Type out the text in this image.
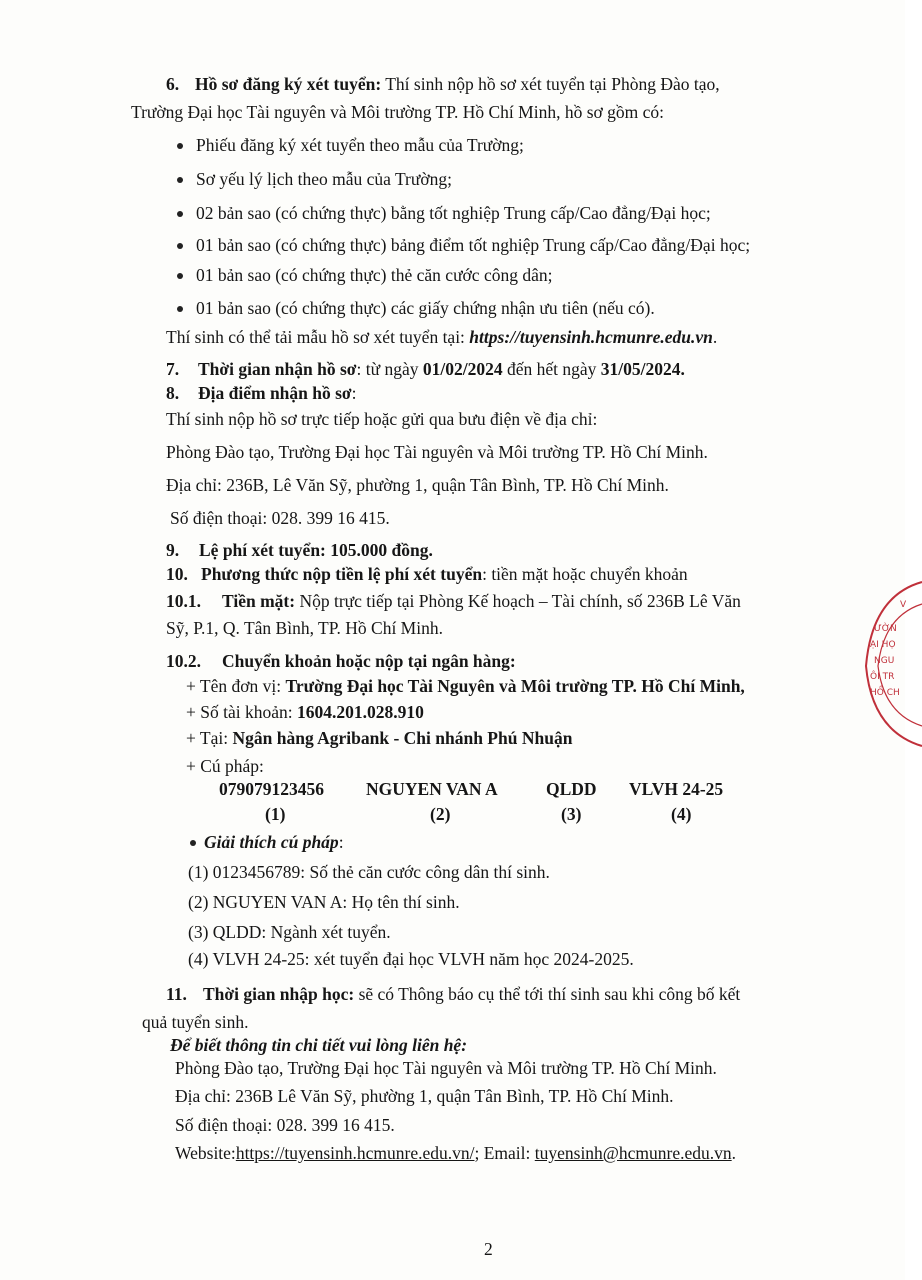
6. Hồ sơ đăng ký xét tuyển: Thí sinh nộp hồ sơ xét tuyển tại Phòng Đào tạo,
Trường Đại học Tài nguyên và Môi trường TP. Hồ Chí Minh, hồ sơ gồm có:
Phiếu đăng ký xét tuyển theo mẫu của Trường;
Sơ yếu lý lịch theo mẫu của Trường;
02 bản sao (có chứng thực) bằng tốt nghiệp Trung cấp/Cao đẳng/Đại học;
01 bản sao (có chứng thực) bảng điểm tốt nghiệp Trung cấp/Cao đẳng/Đại học;
01 bản sao (có chứng thực) thẻ căn cước công dân;
01 bản sao (có chứng thực) các giấy chứng nhận ưu tiên (nếu có).
Thí sinh có thể tải mẫu hồ sơ xét tuyển tại: https://tuyensinh.hcmunre.edu.vn.
7. Thời gian nhận hồ sơ: từ ngày 01/02/2024 đến hết ngày 31/05/2024.
8. Địa điểm nhận hồ sơ:
Thí sinh nộp hồ sơ trực tiếp hoặc gửi qua bưu điện về địa chỉ:
Phòng Đào tạo, Trường Đại học Tài nguyên và Môi trường TP. Hồ Chí Minh.
Địa chỉ: 236B, Lê Văn Sỹ, phường 1, quận Tân Bình, TP. Hồ Chí Minh.
Số điện thoại: 028. 399 16 415.
9. Lệ phí xét tuyển: 105.000 đồng.
10. Phương thức nộp tiền lệ phí xét tuyển: tiền mặt hoặc chuyển khoản
10.1. Tiền mặt: Nộp trực tiếp tại Phòng Kế hoạch – Tài chính, số 236B Lê Văn
Sỹ, P.1, Q. Tân Bình, TP. Hồ Chí Minh.
10.2. Chuyển khoản hoặc nộp tại ngân hàng:
+ Tên đơn vị: Trường Đại học Tài Nguyên và Môi trường TP. Hồ Chí Minh,
+ Số tài khoản: 1604.201.028.910
+ Tại: Ngân hàng Agribank - Chi nhánh Phú Nhuận
+ Cú pháp:
079079123456
(1)
NGUYEN VAN A
(2)
QLDD
(3)
VLVH 24-25
(4)
Giải thích cú pháp:
(1) 0123456789: Số thẻ căn cước công dân thí sinh.
(2) NGUYEN VAN A: Họ tên thí sinh.
(3) QLDD: Ngành xét tuyển.
(4) VLVH 24-25: xét tuyển đại học VLVH năm học 2024-2025.
11. Thời gian nhập học: sẽ có Thông báo cụ thể tới thí sinh sau khi công bố kết
quả tuyển sinh.
Để biết thông tin chi tiết vui lòng liên hệ:
Phòng Đào tạo, Trường Đại học Tài nguyên và Môi trường TP. Hồ Chí Minh.
Địa chỉ: 236B Lê Văn Sỹ, phường 1, quận Tân Bình, TP. Hồ Chí Minh.
Số điện thoại: 028. 399 16 415.
Website:https://tuyensinh.hcmunre.edu.vn/; Email: tuyensinh@hcmunre.edu.vn.
V
ƯỜN
ẠI HỌ
NGU
ÔI TR
HỒ CH
2
